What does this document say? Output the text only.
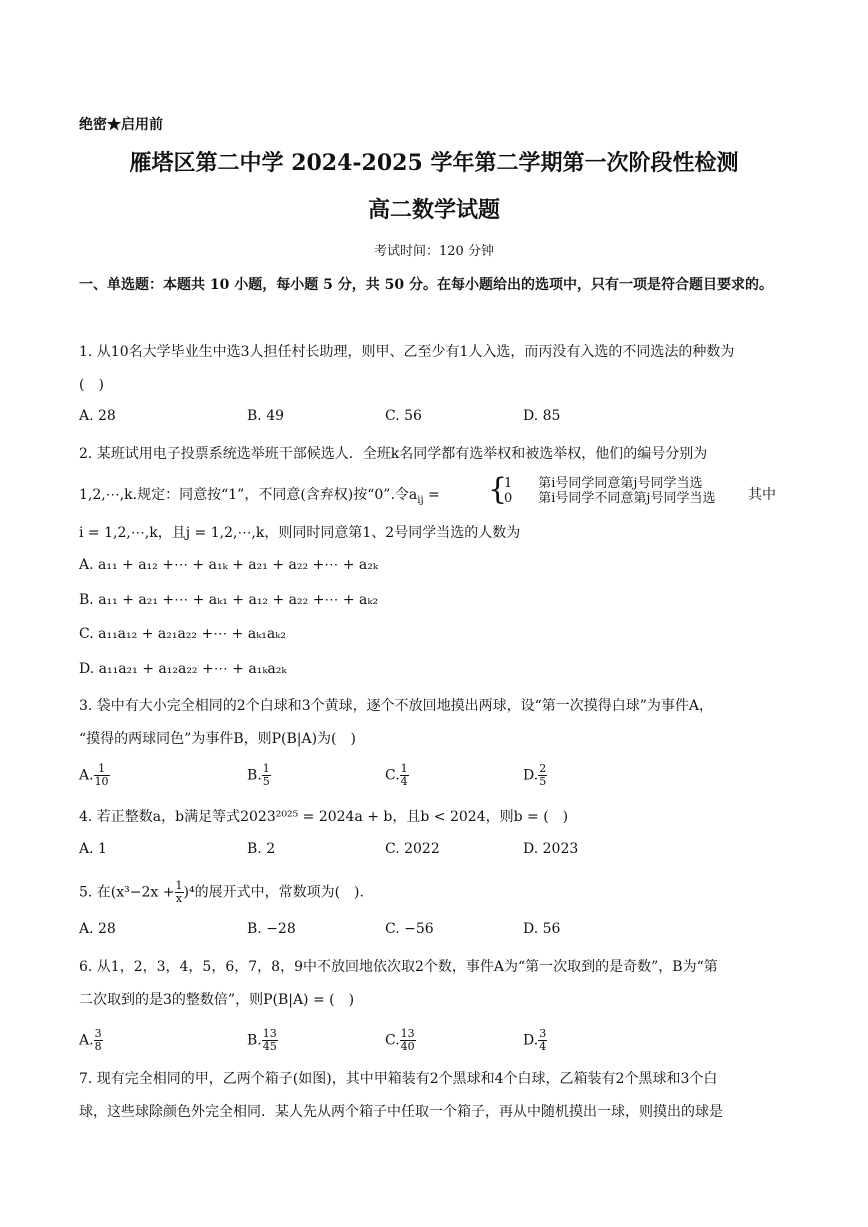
绝密★启用前
雁塔区第二中学 2024-2025 学年第二学期第一次阶段性检测
高二数学试题
考试时间：120 分钟
一、单选题：本题共 10 小题，每小题 5 分，共 50 分。在每小题给出的选项中，只有一项是符合题目要求的。
1. 从10名大学毕业生中选3人担任村长助理，则甲、乙至少有1人入选，而丙没有入选的不同选法的种数为
(　)
A. 28	B. 49	C. 56	D. 85
2. 某班试用电子投票系统选举班干部候选人．全班k名同学都有选举权和被选举权，他们的编号分别为
1,2,⋯,k.规定：同意按“1”，不同意(含弃权)按“0”.令$a_{ij}$ = {
1　　第i号同学同意第j号同学当选
0　　第i号同学不同意第j号同学当选 其中
i = 1,2,⋯,k，且j = 1,2,⋯,k，则同时同意第1、2号同学当选的人数为
A. a₁₁ + a₁₂ +⋯ + a₁ₖ + a₂₁ + a₂₂ +⋯ + a₂ₖ
B. a₁₁ + a₂₁ +⋯ + aₖ₁ + a₁₂ + a₂₂ +⋯ + aₖ₂
C. a₁₁a₁₂ + a₂₁a₂₂ +⋯ + aₖ₁aₖ₂
D. a₁₁a₂₁ + a₁₂a₂₂ +⋯ + a₁ₖa₂ₖ
3. 袋中有大小完全相同的2个白球和3个黄球，逐个不放回地摸出两球，设“第一次摸得白球”为事件A，
“摸得的两球同色”为事件B，则P(B|A)为(　)
A. $\frac{1}{10}$	B. $\frac{1}{5}$	C. $\frac{1}{4}$	D. $\frac{2}{5}$
4. 若正整数a，b满足等式2023²⁰²⁵ = 2024a + b，且b < 2024，则b = (　)
A. 1	B. 2	C. 2022	D. 2023
5. 在$(x^3-2x + \frac{1}{x} )^4$的展开式中，常数项为(　).
A. 28	B. −28	C. −56	D. 56
6. 从1，2，3，4，5，6，7，8，9中不放回地依次取2个数，事件A为“第一次取到的是奇数”，B为“第
二次取到的是3的整数倍”，则P(B|A) = (　)
A. $\frac{3}{8}$	B. $\frac{13}{45}$	C. $\frac{13}{40}$	D. $\frac{3}{4}$
7. 现有完全相同的甲，乙两个箱子(如图)，其中甲箱装有2个黑球和4个白球，乙箱装有2个黑球和3个白
球，这些球除颜色外完全相同．某人先从两个箱子中任取一个箱子，再从中随机摸出一球，则摸出的球是
